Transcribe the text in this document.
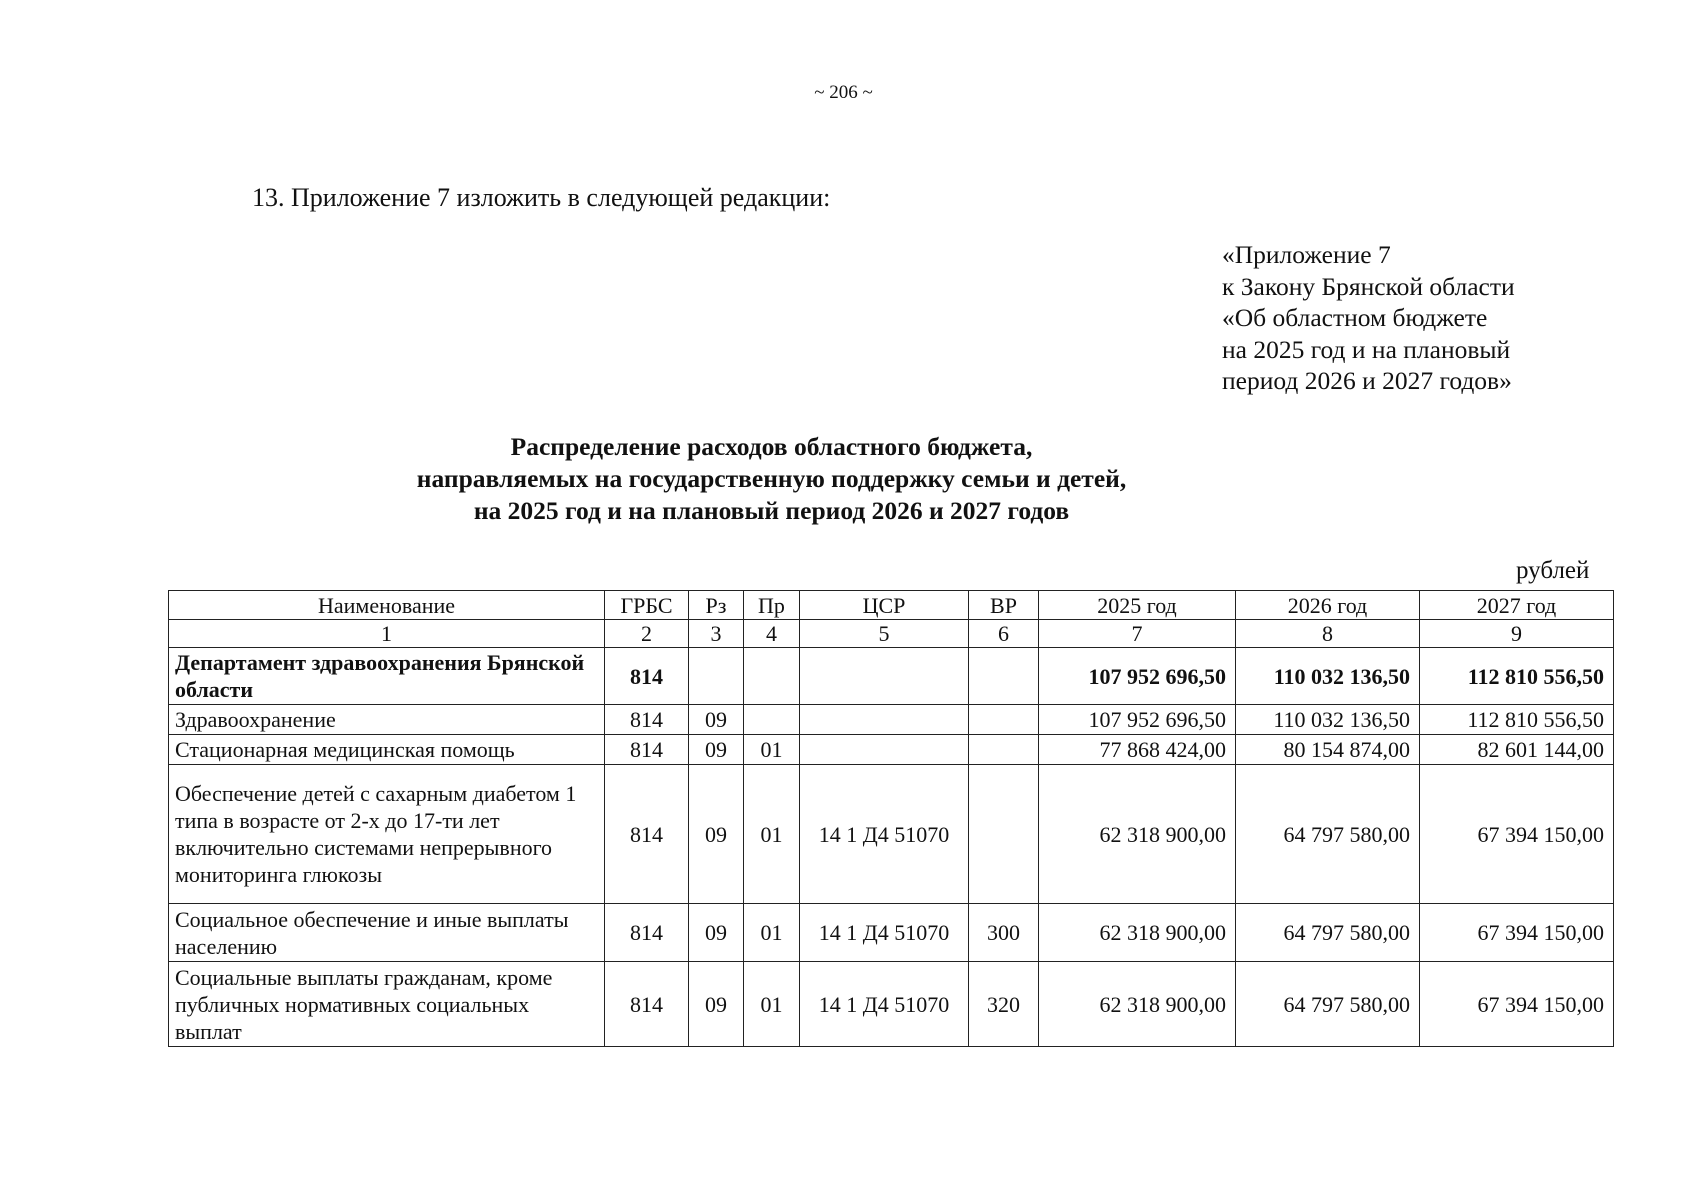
~ 206 ~
13. Приложение 7 изложить в следующей редакции:
«Приложение 7
к Закону Брянской области
«Об областном бюджете
на 2025 год и на плановый
период 2026 и 2027 годов»
Распределение расходов областного бюджета,
направляемых на государственную поддержку семьи и детей,
на 2025 год и на плановый период 2026 и 2027 годов
рублей
Наименование	ГРБС	Рз	Пр	ЦСР	ВР	2025 год	2026 год	2027 год
1	2	3	4	5	6	7	8	9
Департамент здравоохранения Брянской области	814					107 952 696,50	110 032 136,50	112 810 556,50
Здравоохранение	814	09				107 952 696,50	110 032 136,50	112 810 556,50
Стационарная медицинская помощь	814	09	01			77 868 424,00	80 154 874,00	82 601 144,00
Обеспечение детей с сахарным диабетом 1 типа в возрасте от 2-х до 17-ти лет включительно системами непрерывного мониторинга глюкозы	814	09	01	14 1 Д4 51070		62 318 900,00	64 797 580,00	67 394 150,00
Социальное обеспечение и иные выплаты населению	814	09	01	14 1 Д4 51070	300	62 318 900,00	64 797 580,00	67 394 150,00
Социальные выплаты гражданам, кроме публичных нормативных социальных выплат	814	09	01	14 1 Д4 51070	320	62 318 900,00	64 797 580,00	67 394 150,00
